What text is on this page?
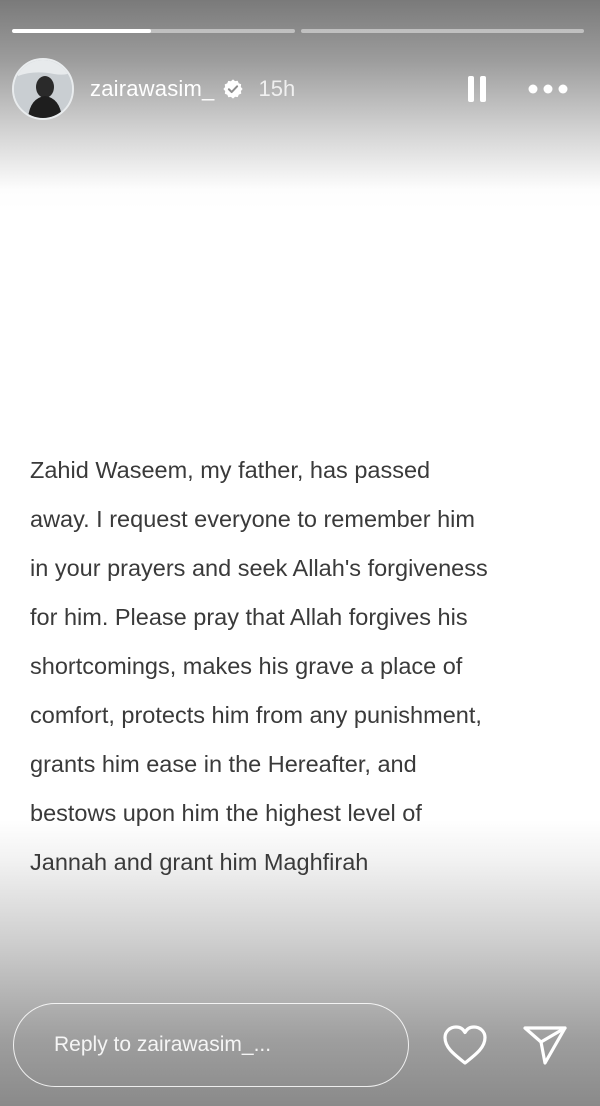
zairawasim_ 15h
Zahid Waseem, my father, has passed
away. I request everyone to remember him
in your prayers and seek Allah's forgiveness
for him. Please pray that Allah forgives his
shortcomings, makes his grave a place of
comfort, protects him from any punishment,
grants him ease in the Hereafter, and
bestows upon him the highest level of
Jannah and grant him Maghfirah
Reply to zairawasim_...
